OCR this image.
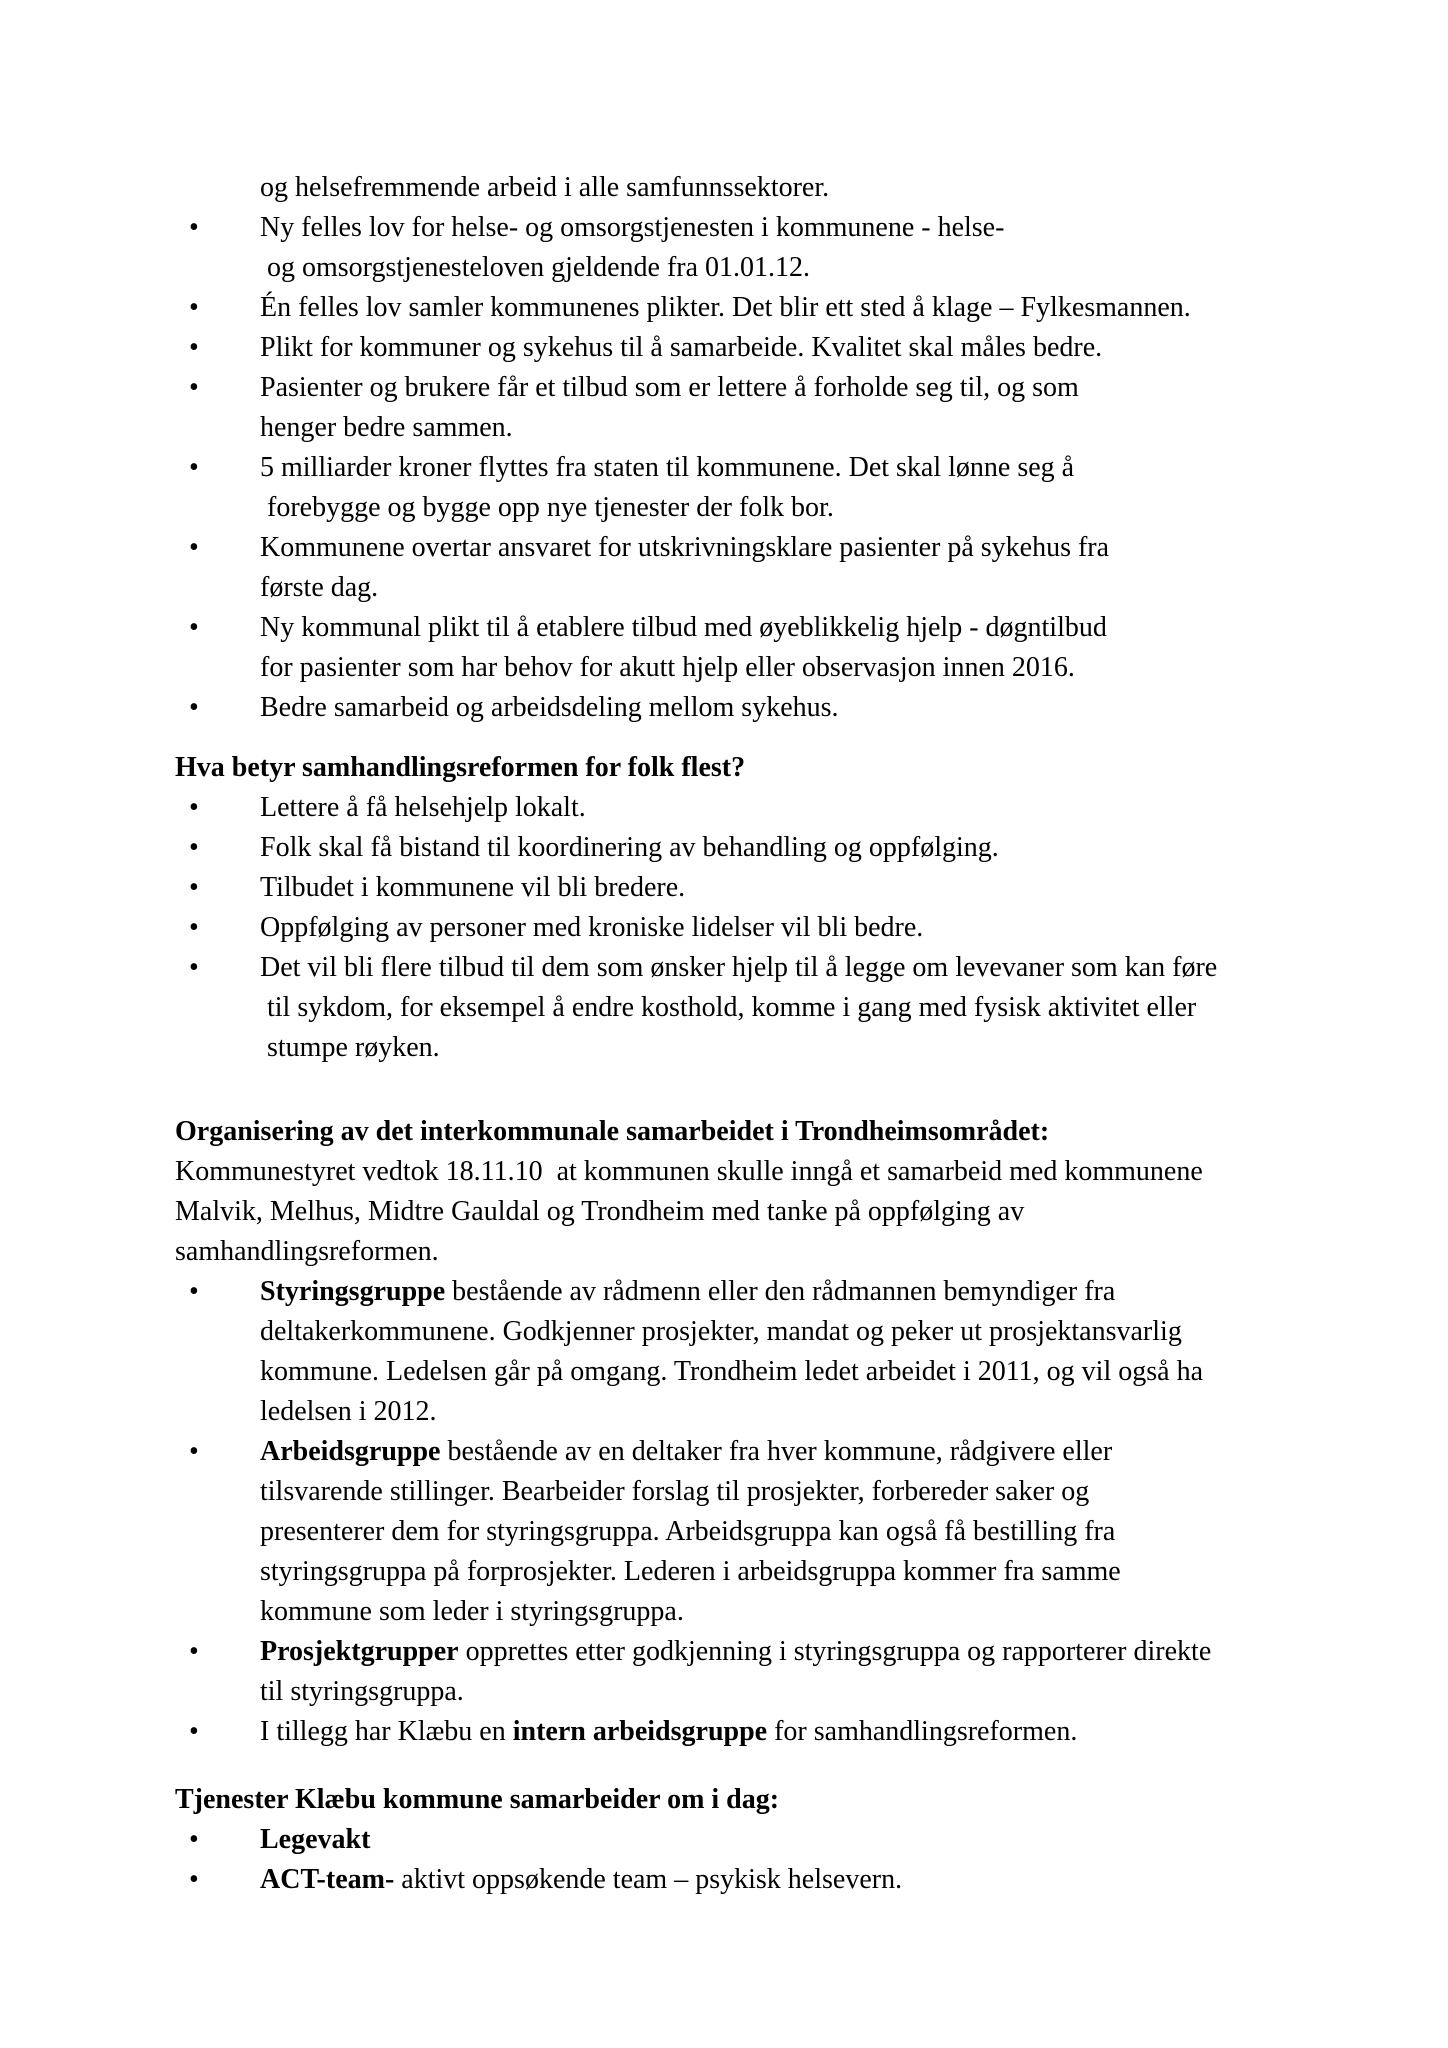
og helsefremmende arbeid i alle samfunnssektorer.
•	Ny felles lov for helse- og omsorgstjenesten i kommunene - helse-
og omsorgstjenesteloven gjeldende fra 01.01.12.
•	Én felles lov samler kommunenes plikter. Det blir ett sted å klage – Fylkesmannen.
•	Plikt for kommuner og sykehus til å samarbeide. Kvalitet skal måles bedre.
•	Pasienter og brukere får et tilbud som er lettere å forholde seg til, og som
henger bedre sammen.
•	5 milliarder kroner flyttes fra staten til kommunene. Det skal lønne seg å
forebygge og bygge opp nye tjenester der folk bor.
•	Kommunene overtar ansvaret for utskrivningsklare pasienter på sykehus fra
første dag.
•	Ny kommunal plikt til å etablere tilbud med øyeblikkelig hjelp - døgntilbud
for pasienter som har behov for akutt hjelp eller observasjon innen 2016.
•	Bedre samarbeid og arbeidsdeling mellom sykehus.
Hva betyr samhandlingsreformen for folk flest?
•	Lettere å få helsehjelp lokalt.
•	Folk skal få bistand til koordinering av behandling og oppfølging.
•	Tilbudet i kommunene vil bli bredere.
•	Oppfølging av personer med kroniske lidelser vil bli bedre.
•	Det vil bli flere tilbud til dem som ønsker hjelp til å legge om levevaner som kan føre
til sykdom, for eksempel å endre kosthold, komme i gang med fysisk aktivitet eller
stumpe røyken.
Organisering av det interkommunale samarbeidet i Trondheimsområdet:
Kommunestyret vedtok 18.11.10  at kommunen skulle inngå et samarbeid med kommunene
Malvik, Melhus, Midtre Gauldal og Trondheim med tanke på oppfølging av
samhandlingsreformen.
•	Styringsgruppe bestående av rådmenn eller den rådmannen bemyndiger fra
deltakerkommunene. Godkjenner prosjekter, mandat og peker ut prosjektansvarlig
kommune. Ledelsen går på omgang. Trondheim ledet arbeidet i 2011, og vil også ha
ledelsen i 2012.
•	Arbeidsgruppe bestående av en deltaker fra hver kommune, rådgivere eller
tilsvarende stillinger. Bearbeider forslag til prosjekter, forbereder saker og
presenterer dem for styringsgruppa. Arbeidsgruppa kan også få bestilling fra
styringsgruppa på forprosjekter. Lederen i arbeidsgruppa kommer fra samme
kommune som leder i styringsgruppa.
•	Prosjektgrupper opprettes etter godkjenning i styringsgruppa og rapporterer direkte
til styringsgruppa.
•	I tillegg har Klæbu en intern arbeidsgruppe for samhandlingsreformen.
Tjenester Klæbu kommune samarbeider om i dag:
•	Legevakt
•	ACT-team- aktivt oppsøkende team – psykisk helsevern.
